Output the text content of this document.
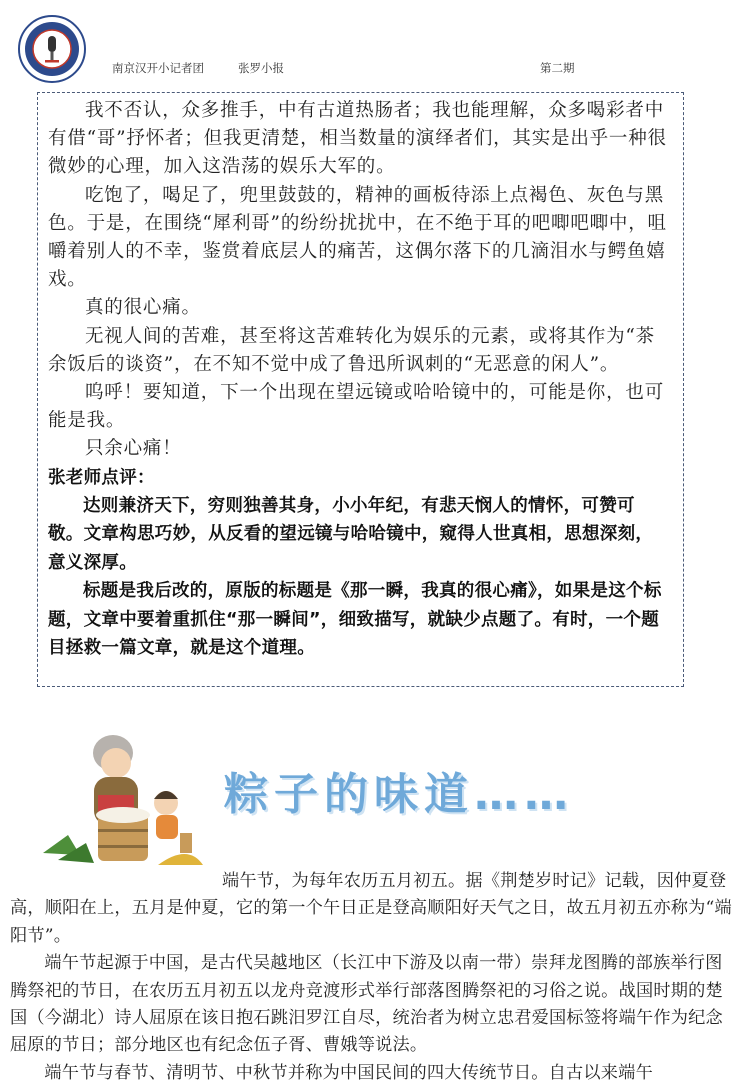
南京汉开小记者团	张罗小报	第二期

我不否认，众多推手，中有古道热肠者；我也能理解，众多喝彩者中有借“哥”抒怀者；但我更清楚，相当数量的演绎者们，其实是出乎一种很微妙的心理，加入这浩荡的娱乐大军的。

吃饱了，喝足了，兜里鼓鼓的，精神的画板待添上点褐色、灰色与黑色。于是，在围绕“犀利哥”的纷纷扰扰中，在不绝于耳的吧唧吧唧中，咀嚼着别人的不幸，鉴赏着底层人的痛苦，这偶尔落下的几滴泪水与鳄鱼嬉戏。

真的很心痛。

无视人间的苦难，甚至将这苦难转化为娱乐的元素，或将其作为“茶余饭后的谈资”，在不知不觉中成了鲁迅所讽刺的“无恶意的闲人”。

呜呼！要知道，下一个出现在望远镜或哈哈镜中的，可能是你，也可能是我。

只余心痛！

张老师点评：

达则兼济天下，穷则独善其身，小小年纪，有悲天悯人的情怀，可赞可敬。文章构思巧妙，从反看的望远镜与哈哈镜中，窥得人世真相，思想深刻，意义深厚。

标题是我后改的，原版的标题是《那一瞬，我真的很心痛》，如果是这个标题，文章中要着重抓住“那一瞬间”，细致描写，就缺少点题了。有时，一个题目拯救一篇文章，就是这个道理。

粽子的味道……

端午节，为每年农历五月初五。据《荆楚岁时记》记载，因仲夏登高，顺阳在上，五月是仲夏，它的第一个午日正是登高顺阳好天气之日，故五月初五亦称为“端阳节”。

端午节起源于中国，是古代吴越地区（长江中下游及以南一带）崇拜龙图腾的部族举行图腾祭祀的节日，在农历五月初五以龙舟竞渡形式举行部落图腾祭祀的习俗之说。战国时期的楚国（今湖北）诗人屈原在该日抱石跳汨罗江自尽，统治者为树立忠君爱国标签将端午作为纪念屈原的节日；部分地区也有纪念伍子胥、曹娥等说法。

端午节与春节、清明节、中秋节并称为中国民间的四大传统节日。自古以来端午
